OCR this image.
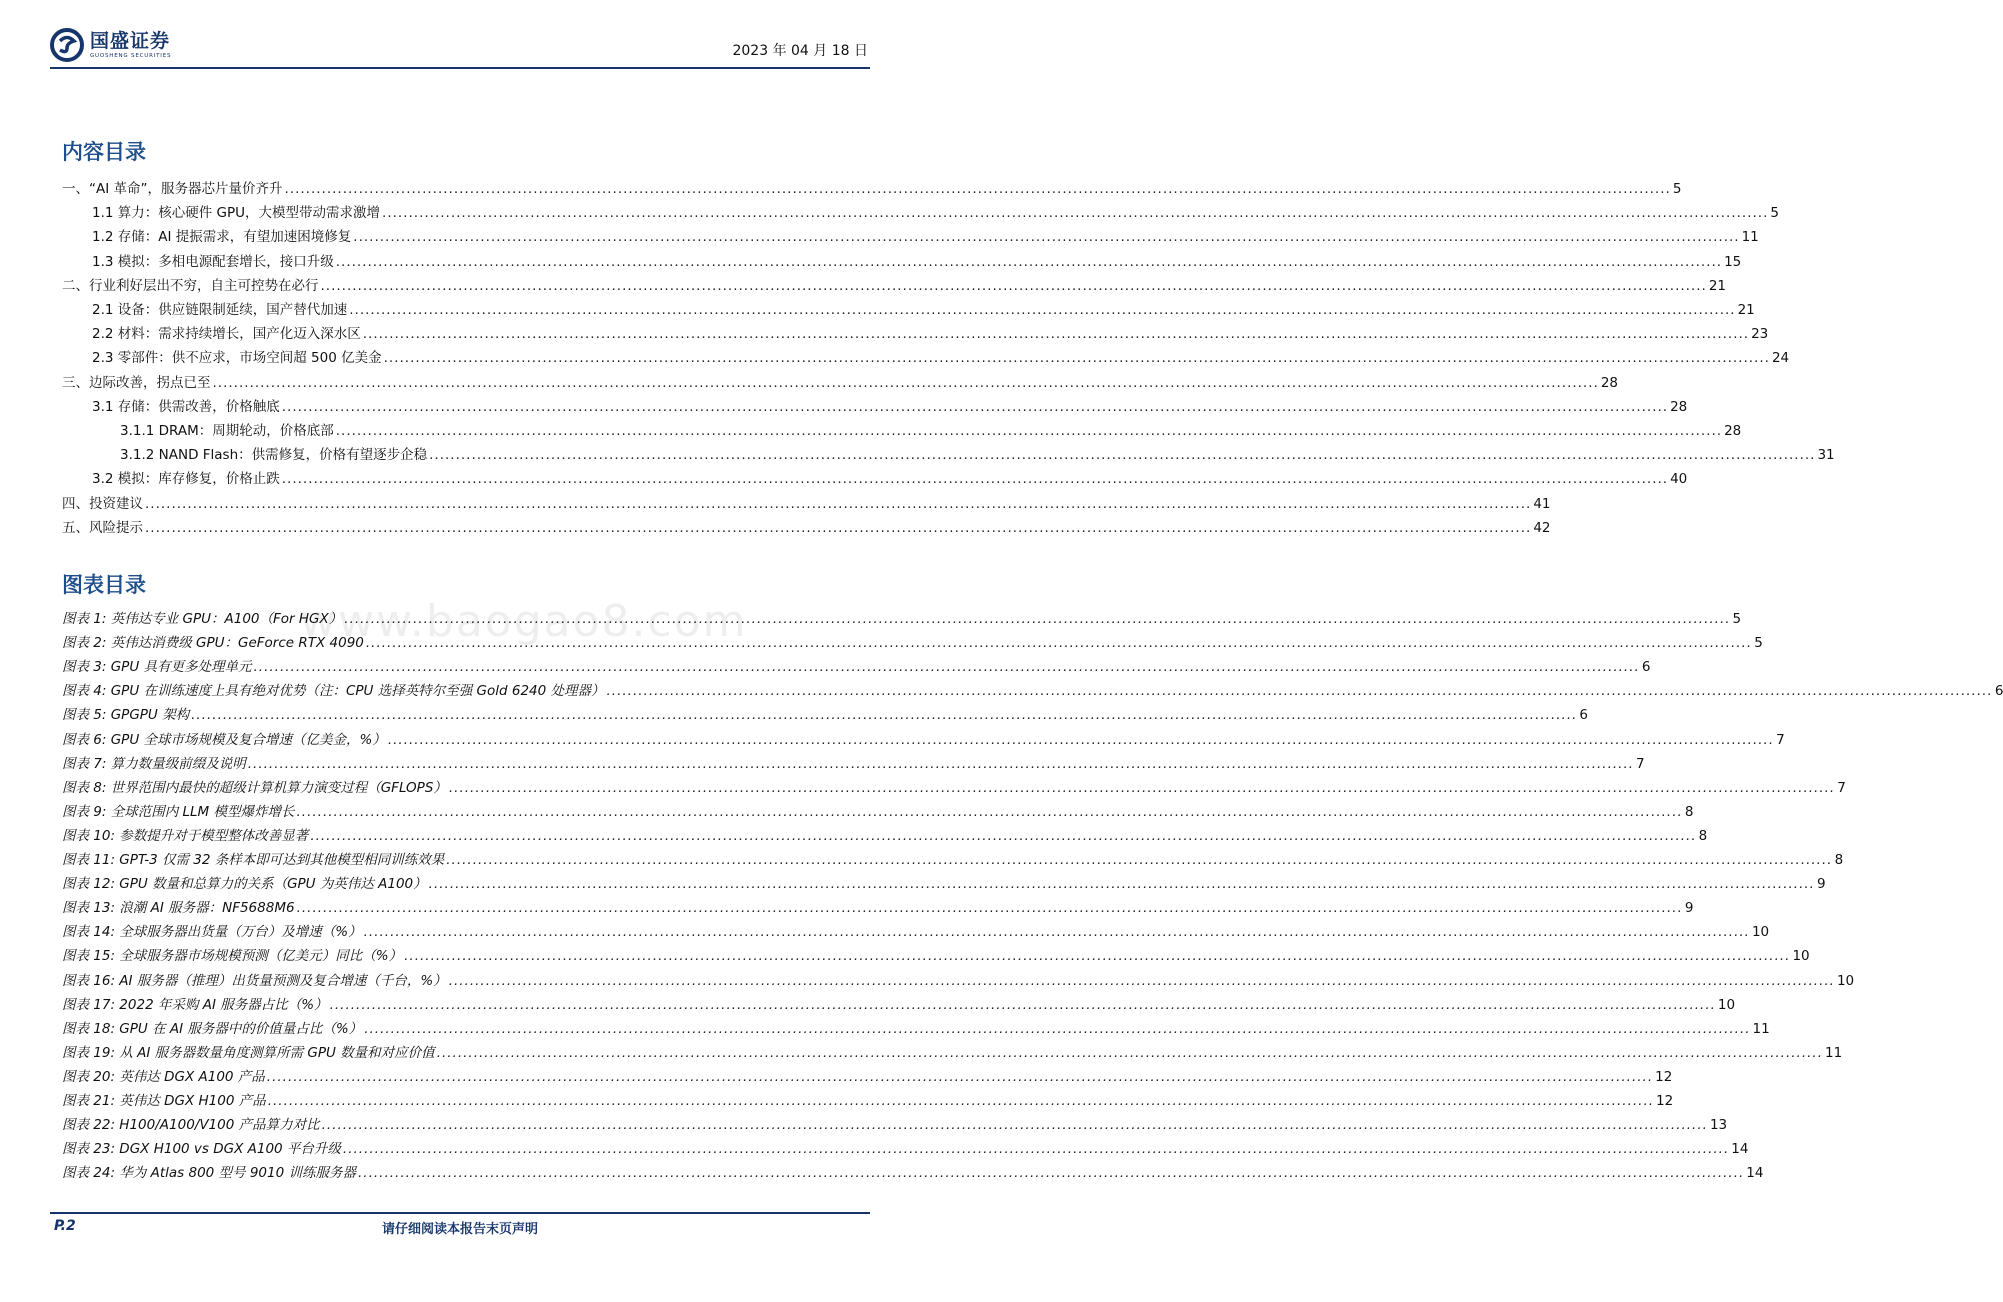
国盛证券
GUOSHENG SECURITIES	2023 年 04 月 18 日
内容目录
一、“AI 革命”，服务器芯片量价齐升 .....	5
1.1 算力：核心硬件 GPU，大模型带动需求激增 .....	5
1.2 存储：AI 提振需求，有望加速困境修复 .....	11
1.3 模拟：多相电源配套增长，接口升级 .....	15
二、行业利好层出不穷，自主可控势在必行 .....	21
2.1 设备：供应链限制延续，国产替代加速 .....	21
2.2 材料：需求持续增长，国产化迈入深水区 .....	23
2.3 零部件：供不应求，市场空间超 500 亿美金 .....	24
三、边际改善，拐点已至 .....	28
3.1 存储：供需改善，价格触底 .....	28
3.1.1 DRAM：周期轮动，价格底部 .....	28
3.1.2 NAND Flash：供需修复，价格有望逐步企稳 .....	31
3.2 模拟：库存修复，价格止跌 .....	40
四、投资建议 .....	41
五、风险提示 .....	42
www.baogao8.com
图表目录
图表 1: 英伟达专业 GPU：A100（For HGX） .....	5
图表 2: 英伟达消费级 GPU：GeForce RTX 4090 .....	5
图表 3: GPU 具有更多处理单元 .....	6
图表 4: GPU 在训练速度上具有绝对优势（注：CPU 选择英特尔至强 Gold 6240 处理器） .....	6
图表 5: GPGPU 架构 .....	6
图表 6: GPU 全球市场规模及复合增速（亿美金，%） .....	7
图表 7: 算力数量级前缀及说明 .....	7
图表 8: 世界范围内最快的超级计算机算力演变过程（GFLOPS） .....	7
图表 9: 全球范围内 LLM 模型爆炸增长 .....	8
图表 10: 参数提升对于模型整体改善显著 .....	8
图表 11: GPT-3 仅需 32 条样本即可达到其他模型相同训练效果 .....	8
图表 12: GPU 数量和总算力的关系（GPU 为英伟达 A100） .....	9
图表 13: 浪潮 AI 服务器：NF5688M6 .....	9
图表 14: 全球服务器出货量（万台）及增速（%） .....	10
图表 15: 全球服务器市场规模预测（亿美元）同比（%） .....	10
图表 16: AI 服务器（推理）出货量预测及复合增速（千台，%） .....	10
图表 17: 2022 年采购 AI 服务器占比（%） .....	10
图表 18: GPU 在 AI 服务器中的价值量占比（%） .....	11
图表 19: 从 AI 服务器数量角度测算所需 GPU 数量和对应价值 .....	11
图表 20: 英伟达 DGX A100 产品 .....	12
图表 21: 英伟达 DGX H100 产品 .....	12
图表 22: H100/A100/V100 产品算力对比 .....	13
图表 23: DGX H100 vs DGX A100 平台升级 .....	14
图表 24: 华为 Atlas 800 型号 9010 训练服务器 .....	14
请仔细阅读本报告末页声明
P.2
